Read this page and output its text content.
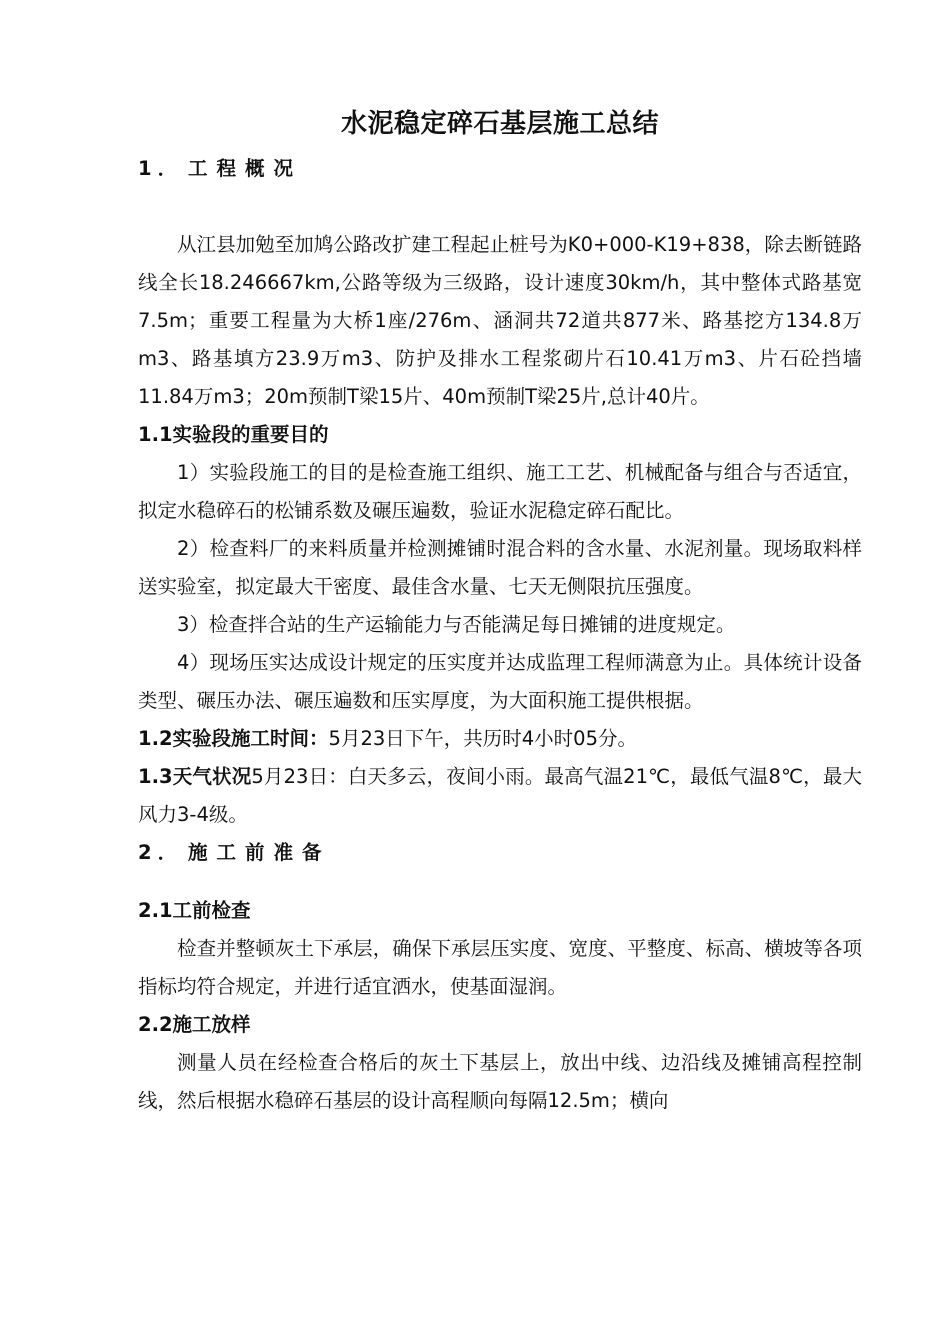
水泥稳定碎石基层施工总结
1． 工程概况

从江县加勉至加鸠公路改扩建工程起止桩号为K0+000-K19+838，除去断链路线全长18.246667km,公路等级为三级路，设计速度30km/h，其中整体式路基宽7.5m；重要工程量为大桥1座/276m、涵洞共72道共877米、路基挖方134.8万m3、路基填方23.9万m3、防护及排水工程浆砌片石10.41万m3、片石砼挡墙11.84万m3；20m预制T梁15片、40m预制T梁25片,总计40片。

1.1实验段的重要目的

1）实验段施工的目的是检查施工组织、施工工艺、机械配备与组合与否适宜，拟定水稳碎石的松铺系数及碾压遍数，验证水泥稳定碎石配比。

2）检查料厂的来料质量并检测摊铺时混合料的含水量、水泥剂量。现场取料样送实验室，拟定最大干密度、最佳含水量、七天无侧限抗压强度。

3）检查拌合站的生产运输能力与否能满足每日摊铺的进度规定。

4）现场压实达成设计规定的压实度并达成监理工程师满意为止。具体统计设备类型、碾压办法、碾压遍数和压实厚度，为大面积施工提供根据。

1.2实验段施工时间：5月23日下午，共历时4小时05分。

1.3天气状况5月23日：白天多云，夜间小雨。最高气温21℃，最低气温8℃，最大风力3-4级。

2． 施工前准备
2.1工前检查

检查并整顿灰土下承层，确保下承层压实度、宽度、平整度、标高、横坡等各项指标均符合规定，并进行适宜洒水，使基面湿润。

2.2施工放样

测量人员在经检查合格后的灰土下基层上，放出中线、边沿线及摊铺高程控制线，然后根据水稳碎石基层的设计高程顺向每隔12.5m；横向
